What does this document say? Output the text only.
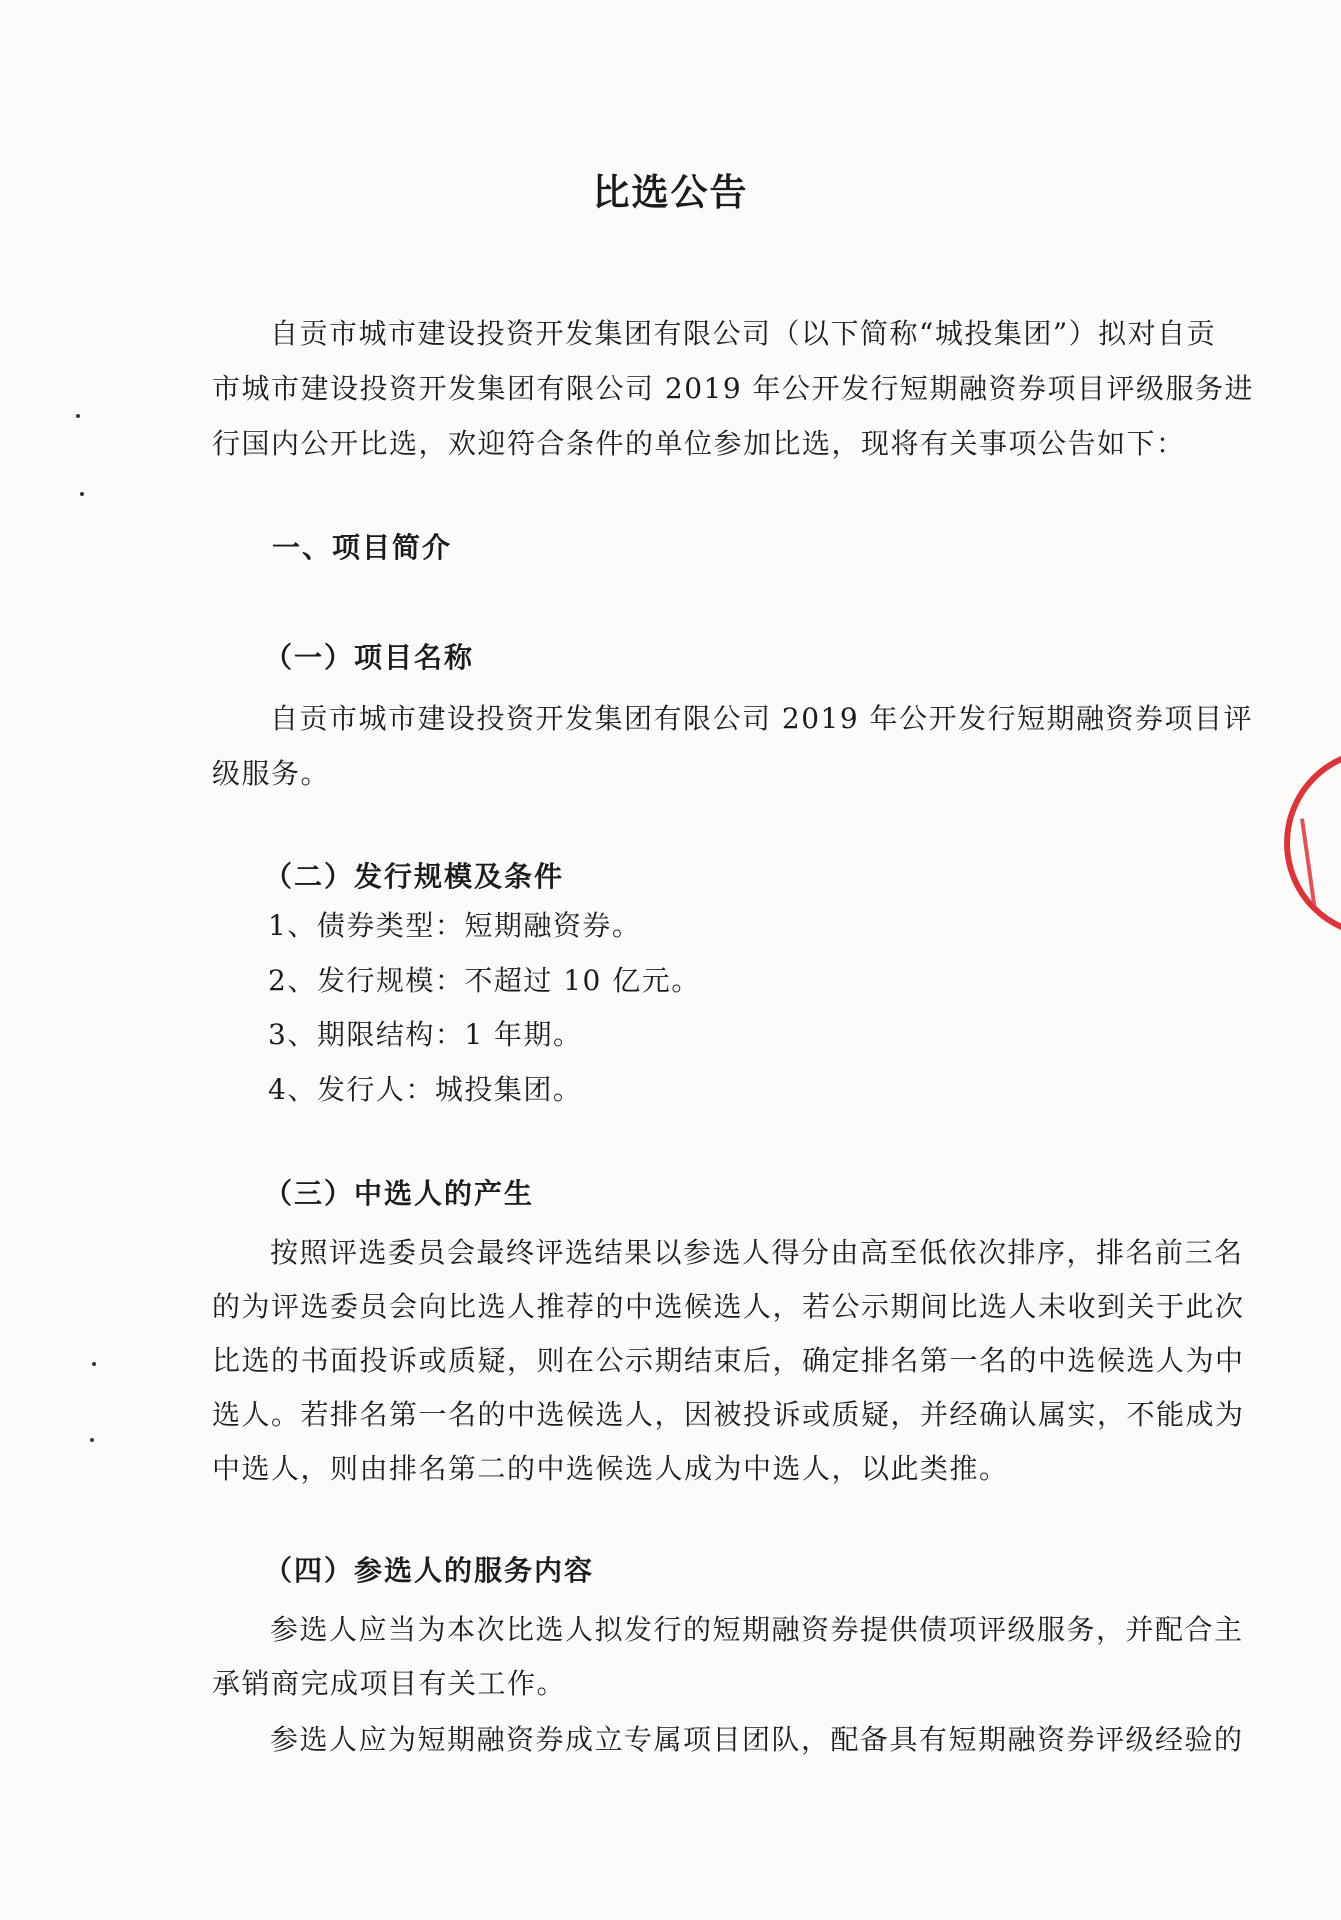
比选公告
自贡市城市建设投资开发集团有限公司（以下简称“城投集团”）拟对自贡
市城市建设投资开发集团有限公司 2019 年公开发行短期融资券项目评级服务进
行国内公开比选，欢迎符合条件的单位参加比选，现将有关事项公告如下：
一、项目简介
（一）项目名称
自贡市城市建设投资开发集团有限公司 2019 年公开发行短期融资券项目评
级服务。
（二）发行规模及条件
1、债券类型：短期融资券。
2、发行规模：不超过 10 亿元。
3、期限结构：1 年期。
4、发行人：城投集团。
（三）中选人的产生
按照评选委员会最终评选结果以参选人得分由高至低依次排序，排名前三名
的为评选委员会向比选人推荐的中选候选人，若公示期间比选人未收到关于此次
比选的书面投诉或质疑，则在公示期结束后，确定排名第一名的中选候选人为中
选人。若排名第一名的中选候选人，因被投诉或质疑，并经确认属实，不能成为
中选人，则由排名第二的中选候选人成为中选人，以此类推。
（四）参选人的服务内容
参选人应当为本次比选人拟发行的短期融资券提供债项评级服务，并配合主
承销商完成项目有关工作。
参选人应为短期融资券成立专属项目团队，配备具有短期融资券评级经验的
